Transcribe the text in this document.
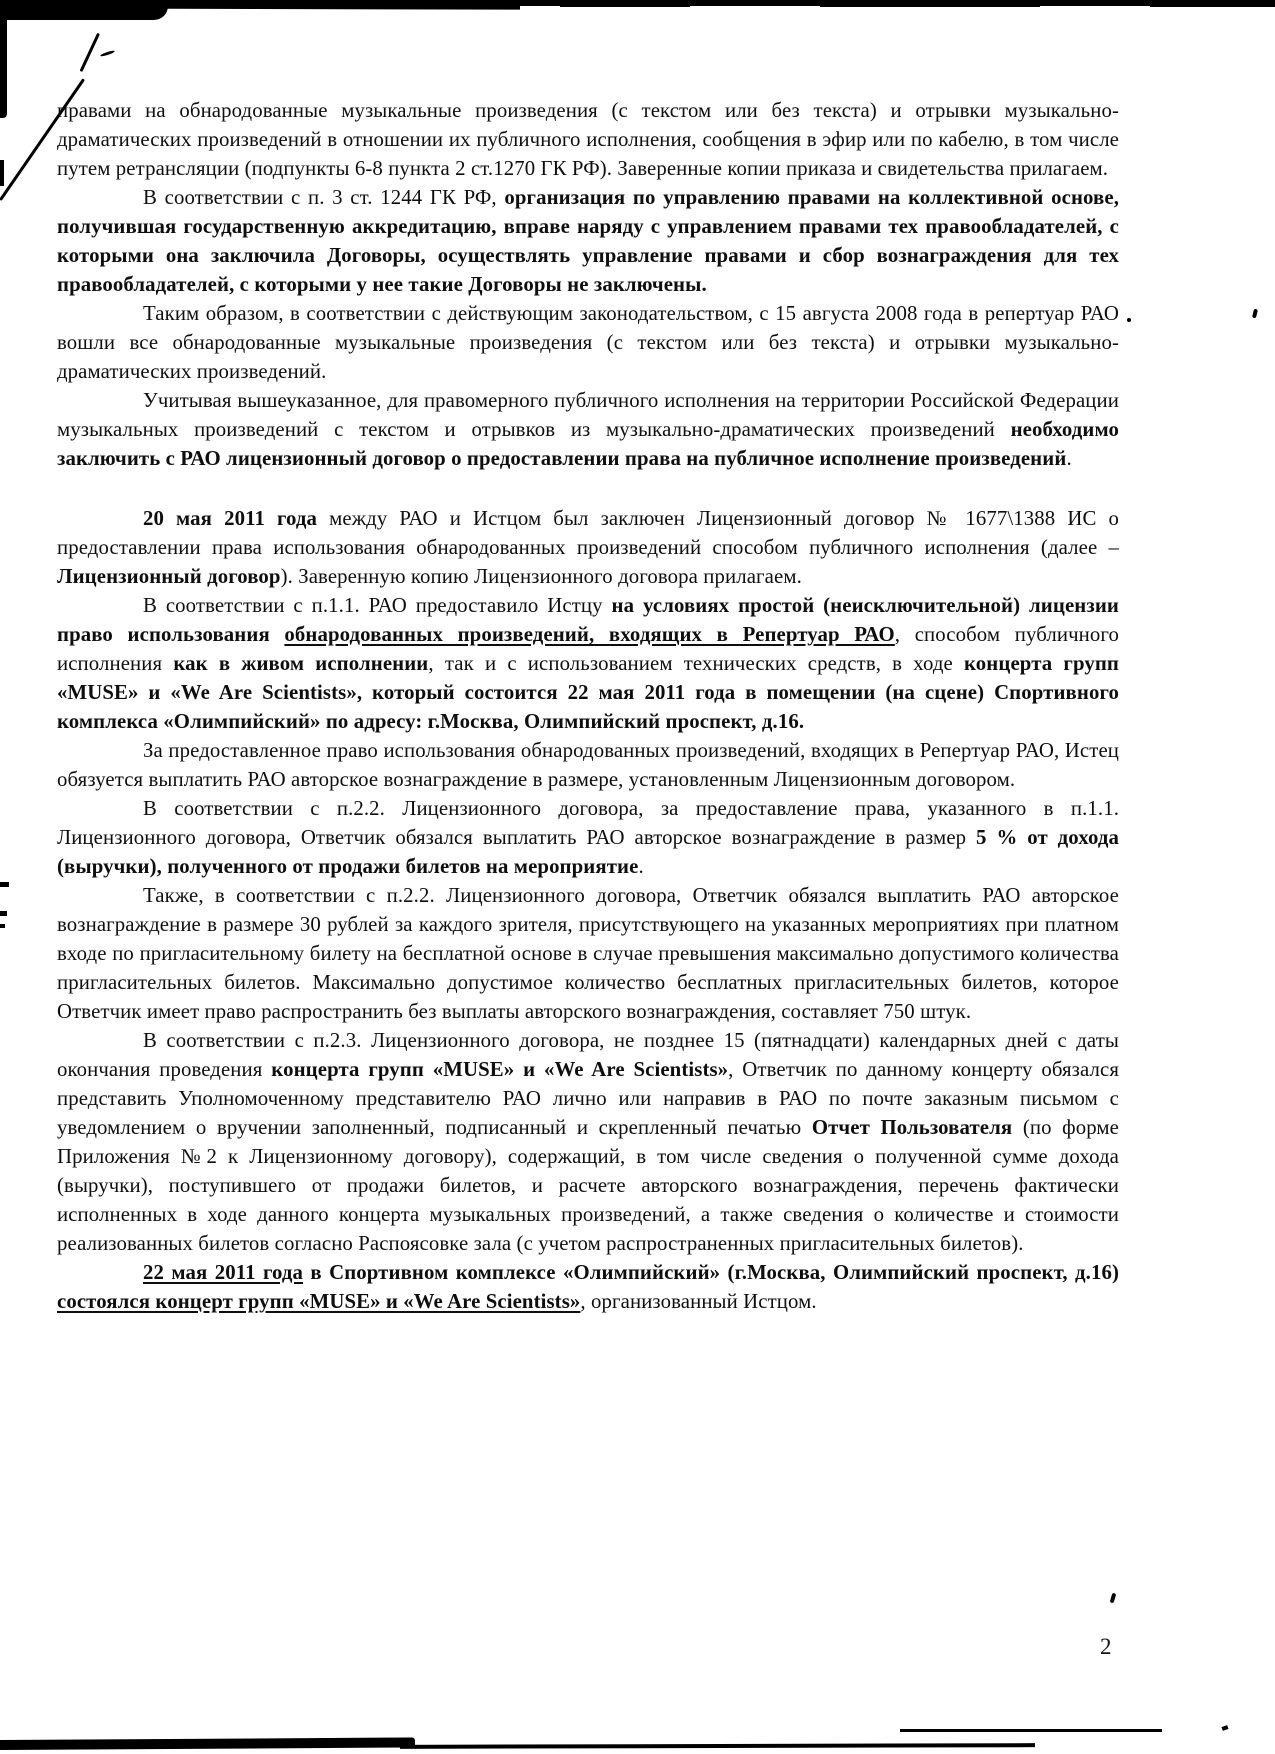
правами на обнародованные музыкальные произведения (с текстом или без текста) и отрывки музыкально-драматических произведений в отношении их публичного исполнения, сообщения в эфир или по кабелю, в том числе путем ретрансляции (подпункты 6-8 пункта 2 ст.1270 ГК РФ). Заверенные копии приказа и свидетельства прилагаем.

В соответствии с п. 3 ст. 1244 ГК РФ, организация по управлению правами на коллективной основе, получившая государственную аккредитацию, вправе наряду с управлением правами тех правообладателей, с которыми она заключила Договоры, осуществлять управление правами и сбор вознаграждения для тех правообладателей, с которыми у нее такие Договоры не заключены.

Таким образом, в соответствии с действующим законодательством, с 15 августа 2008 года в репертуар РАО вошли все обнародованные музыкальные произведения (с текстом или без текста) и отрывки музыкально-драматических произведений.

Учитывая вышеуказанное, для правомерного публичного исполнения на территории Российской Федерации музыкальных произведений с текстом и отрывков из музыкально-драматических произведений необходимо заключить с РАО лицензионный договор о предоставлении права на публичное исполнение произведений.

20 мая 2011 года между РАО и Истцом был заключен Лицензионный договор № 1677\1388 ИС о предоставлении права использования обнародованных произведений способом публичного исполнения (далее – Лицензионный договор). Заверенную копию Лицензионного договора прилагаем.

В соответствии с п.1.1. РАО предоставило Истцу на условиях простой (неисключительной) лицензии право использования обнародованных произведений, входящих в Репертуар РАО, способом публичного исполнения как в живом исполнении, так и с использованием технических средств, в ходе концерта групп «MUSE» и «We Are Scientists», который состоится 22 мая 2011 года в помещении (на сцене) Спортивного комплекса «Олимпийский» по адресу: г.Москва, Олимпийский проспект, д.16.

За предоставленное право использования обнародованных произведений, входящих в Репертуар РАО, Истец обязуется выплатить РАО авторское вознаграждение в размере, установленным Лицензионным договором.

В соответствии с п.2.2. Лицензионного договора, за предоставление права, указанного в п.1.1. Лицензионного договора, Ответчик обязался выплатить РАО авторское вознаграждение в размер 5 % от дохода (выручки), полученного от продажи билетов на мероприятие.

Также, в соответствии с п.2.2. Лицензионного договора, Ответчик обязался выплатить РАО авторское вознаграждение в размере 30 рублей за каждого зрителя, присутствующего на указанных мероприятиях при платном входе по пригласительному билету на бесплатной основе в случае превышения максимально допустимого количества пригласительных билетов. Максимально допустимое количество бесплатных пригласительных билетов, которое Ответчик имеет право распространить без выплаты авторского вознаграждения, составляет 750 штук.

В соответствии с п.2.3. Лицензионного договора, не позднее 15 (пятнадцати) календарных дней с даты окончания проведения концерта групп «MUSE» и «We Are Scientists», Ответчик по данному концерту обязался представить Уполномоченному представителю РАО лично или направив в РАО по почте заказным письмом с уведомлением о вручении заполненный, подписанный и скрепленный печатью Отчет Пользователя (по форме Приложения №2 к Лицензионному договору), содержащий, в том числе сведения о полученной сумме дохода (выручки), поступившего от продажи билетов, и расчете авторского вознаграждения, перечень фактически исполненных в ходе данного концерта музыкальных произведений, а также сведения о количестве и стоимости реализованных билетов согласно Распоясовке зала (с учетом распространенных пригласительных билетов).

22 мая 2011 года в Спортивном комплексе «Олимпийский» (г.Москва, Олимпийский проспект, д.16) состоялся концерт групп «MUSE» и «We Are Scientists», организованный Истцом.

2
